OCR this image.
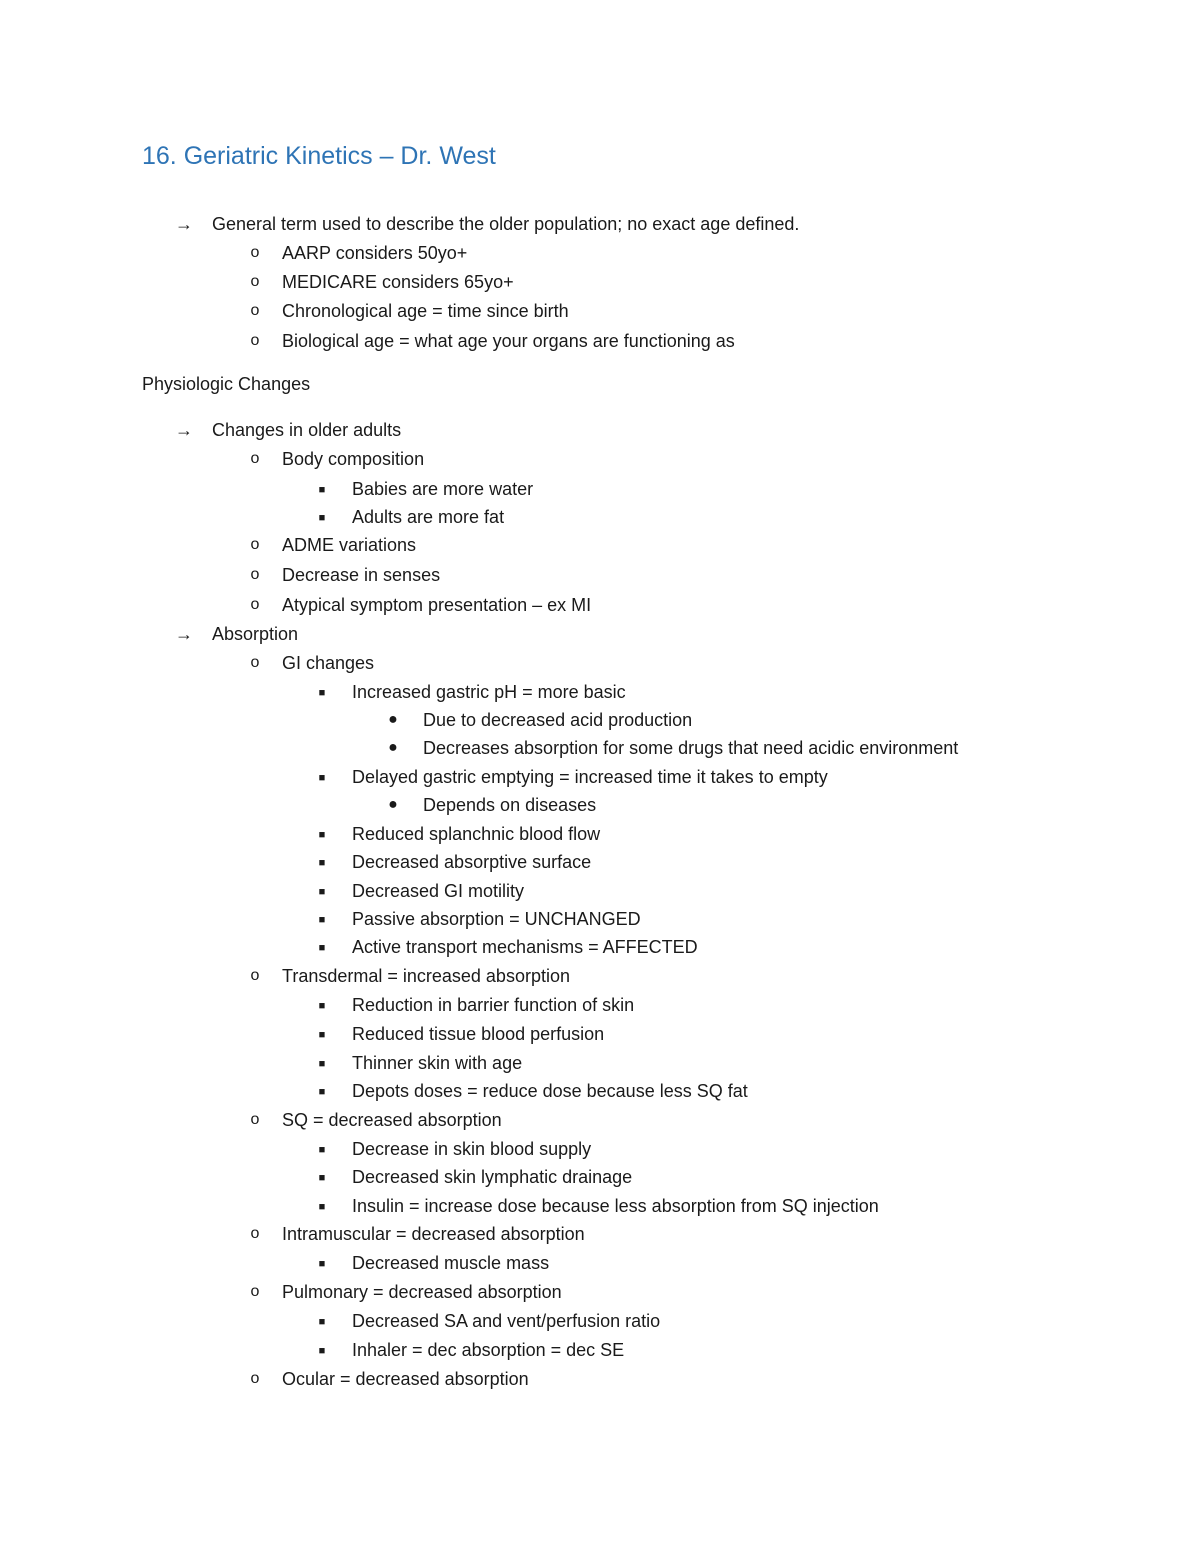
16. Geriatric Kinetics – Dr. West
Physiologic Changes
→ General term used to describe the older population; no exact age defined.
o	AARP considers 50yo+
o	MEDICARE considers 65yo+
o	Chronological age = time since birth
o	Biological age = what age your organs are functioning as
→ Changes in older adults
o	Body composition
■	Babies are more water
■	Adults are more fat
o	ADME variations
o	Decrease in senses
o	Atypical symptom presentation – ex MI
→ Absorption
o	GI changes
■	Increased gastric pH = more basic
●	Due to decreased acid production
●	Decreases absorption for some drugs that need acidic environment
■	Delayed gastric emptying = increased time it takes to empty
●	Depends on diseases
■	Reduced splanchnic blood flow
■	Decreased absorptive surface
■	Decreased GI motility
■	Passive absorption = UNCHANGED
■	Active transport mechanisms = AFFECTED
o	Transdermal = increased absorption
■	Reduction in barrier function of skin
■	Reduced tissue blood perfusion
■	Thinner skin with age
■	Depots doses = reduce dose because less SQ fat
o	SQ = decreased absorption
■	Decrease in skin blood supply
■	Decreased skin lymphatic drainage
■	Insulin = increase dose because less absorption from SQ injection
o	Intramuscular = decreased absorption
■	Decreased muscle mass
o	Pulmonary = decreased absorption
■	Decreased SA and vent/perfusion ratio
■	Inhaler = dec absorption = dec SE
o	Ocular = decreased absorption
